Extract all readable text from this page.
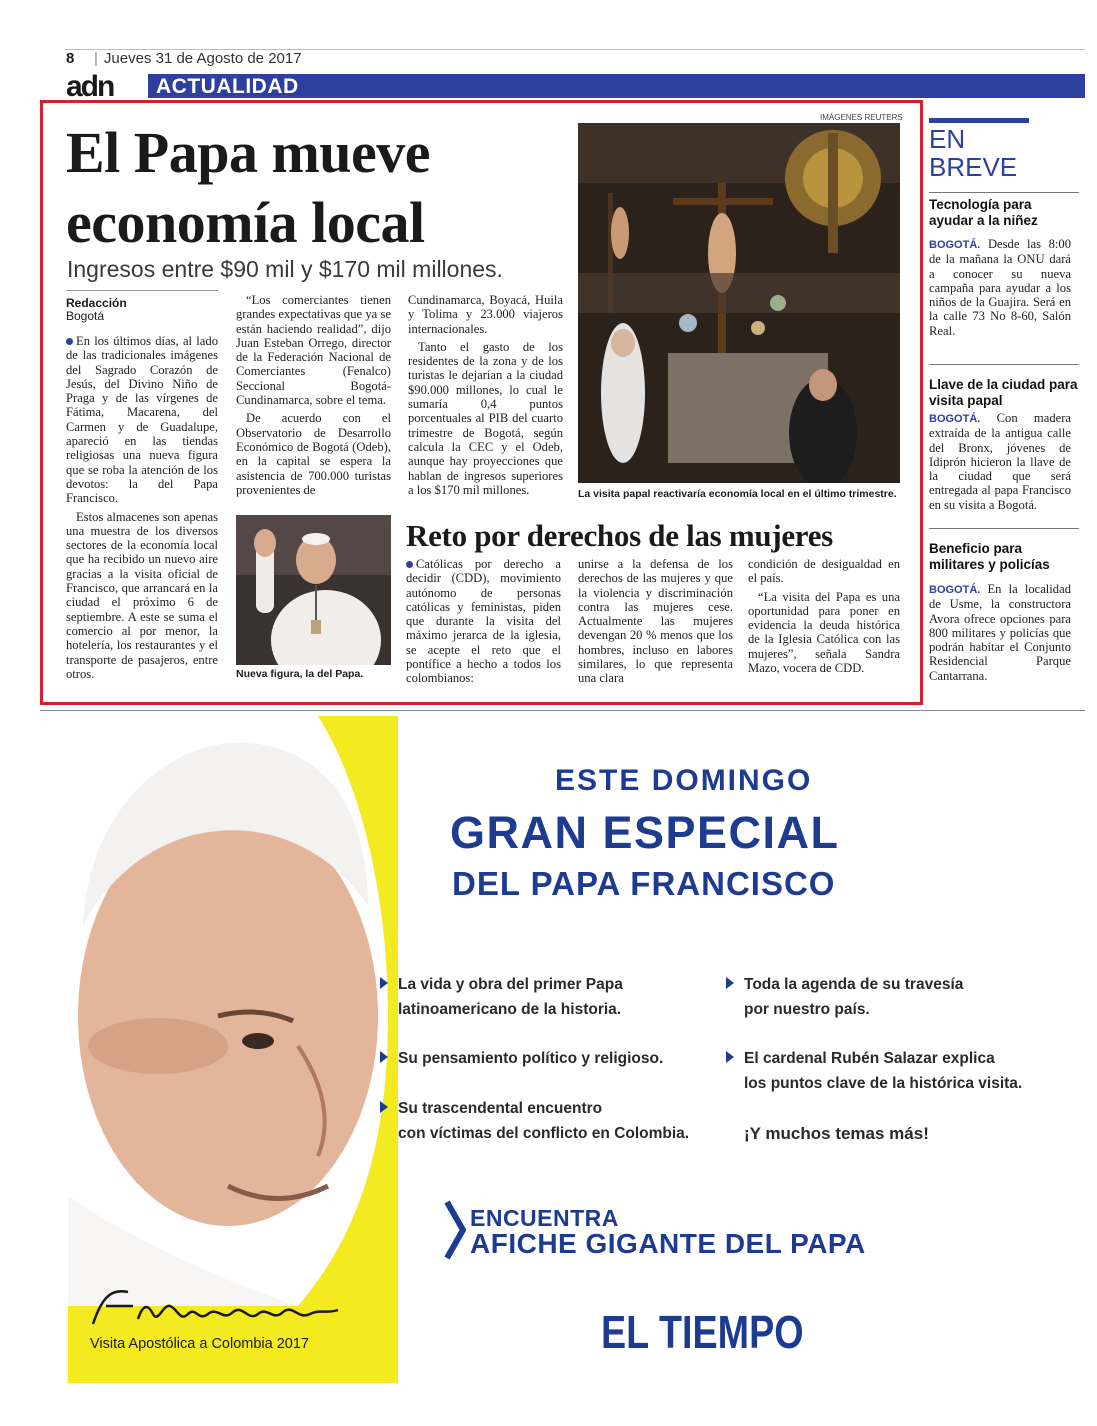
8
|	Jueves 31 de Agosto de 2017
adn ACTUALIDAD
El Papa mueve economía local
Ingresos entre $90 mil y $170 mil millones.
Redacción
Bogotá

En los últimos días, al lado de las tradicionales imágenes del Sagrado Corazón de Jesús, del Divino Niño de Praga y de las vírgenes de Fátima, Macarena, del Carmen y de Guadalupe, apareció en las tiendas religiosas una nueva figura que se roba la atención de los devotos: la del Papa Francisco.

Estos almacenes son apenas una muestra de los diversos sectores de la economía local que ha recibido un nuevo aire gracias a la visita oficial de Francisco, que arrancará en la ciudad el próximo 6 de septiembre. A este se suma el comercio al por menor, la hotelería, los restaurantes y el transporte de pasajeros, entre otros.

“Los comerciantes tienen grandes expectativas que ya se están haciendo realidad”, dijo Juan Esteban Orrego, director de la Federación Nacional de Comerciantes (Fenalco) Seccional Bogotá-Cundinamarca, sobre el tema.

De acuerdo con el Observatorio de Desarrollo Económico de Bogotá (Odeb), en la capital se espera la asistencia de 700.000 turistas provenientes de

Cundinamarca, Boyacá, Huila y Tolima y 23.000 viajeros internacionales.

Tanto el gasto de los residentes de la zona y de los turistas le dejarían a la ciudad $90.000 millones, lo cual le sumaría 0,4 puntos porcentuales al PIB del cuarto trimestre de Bogotá, según calcula la CEC y el Odeb, aunque hay proyecciones que hablan de ingresos superiores a los $170 mil millones.

IMÁGENES REUTERS
La visita papal reactivaría economía local en el último trimestre.
Nueva figura, la del Papa.
Reto por derechos de las mujeres

Católicas por derecho a decidir (CDD), movimiento autónomo de personas católicas y feministas, piden que durante la visita del máximo jerarca de la iglesia, se acepte el reto que el pontífice a hecho a todos los colombianos:

unirse a la defensa de los derechos de las mujeres y que la violencia y discriminación contra las mujeres cese. Actualmente las mujeres devengan 20 % menos que los hombres, incluso en labores similares, lo que representa una clara

condición de desigualdad en el país.

“La visita del Papa es una oportunidad para poner en evidencia la deuda histórica de la Iglesia Católica con las mujeres”, señala Sandra Mazo, vocera de CDD.

EN
BREVE
Tecnología para ayudar a la niñez
BOGOTÁ. Desde las 8:00 de la mañana la ONU dará a conocer su nueva campaña para ayudar a los niños de la Guajira. Será en la calle 73 No 8-60, Salón Real.
Llave de la ciudad para visita papal
BOGOTÁ. Con madera extraída de la antigua calle del Bronx, jóvenes de Idiprón hicieron la llave de la ciudad que será entregada al papa Francisco en su visita a Bogotá.
Beneficio para militares y policías
BOGOTÁ. En la localidad de Usme, la constructora Avora ofrece opciones para 800 militares y policías que podrán habitar el Conjunto Residencial Parque Cantarrana.
Visita Apostólica a Colombia 2017
ESTE DOMINGO
GRAN ESPECIAL
DEL PAPA FRANCISCO
La vida y obra del primer Papa
latinoamericano de la historia.
Su pensamiento político y religioso.
Su trascendental encuentro
con víctimas del conflicto en Colombia.
Toda la agenda de su travesía
por nuestro país.
El cardenal Rubén Salazar explica
los puntos clave de la histórica visita.
¡Y muchos temas más!
ENCUENTRA
AFICHE GIGANTE DEL PAPA
EL TIEMPO
